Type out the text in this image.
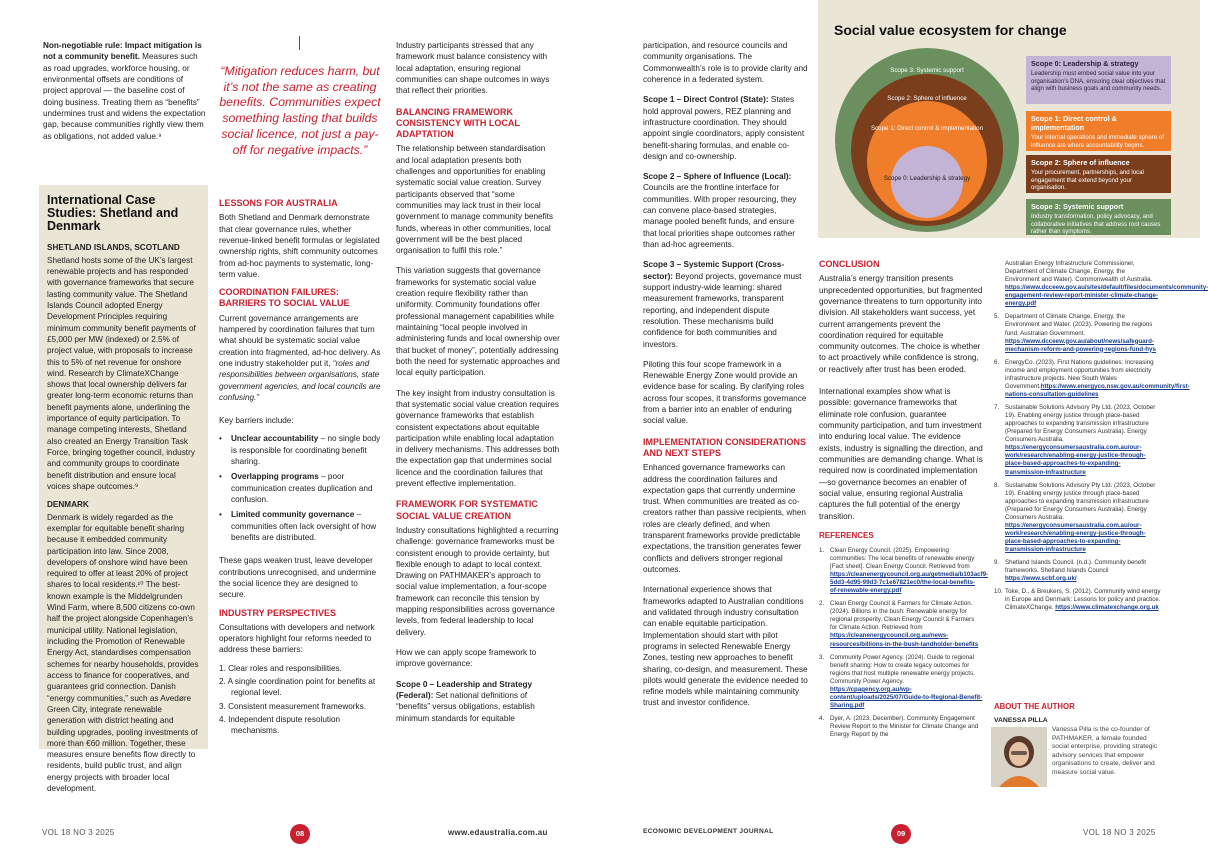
Non-negotiable rule: Impact mitigation is not a community benefit. Measures such as road upgrades, workforce housing, or environmental offsets are conditions of project approval — the baseline cost of doing business. Treating them as “benefits” undermines trust and widens the expectation gap, because communities rightly view them as obligations, not added value.⁹

International Case Studies: Shetland and Denmark
SHETLAND ISLANDS, SCOTLAND

Shetland hosts some of the UK’s largest renewable projects and has responded with governance frameworks that secure lasting community value. The Shetland Islands Council adopted Energy Development Principles requiring minimum community benefit payments of £5,000 per MW (indexed) or 2.5% of project value, with proposals to increase this to 5% of net revenue for onshore wind. Research by ClimateXChange shows that local ownership delivers far greater long-term economic returns than benefit payments alone, underlining the importance of equity participation. To manage competing interests, Shetland also created an Energy Transition Task Force, bringing together council, industry and community groups to coordinate benefit distribution and ensure local voices shape outcomes.⁹

DENMARK

Denmark is widely regarded as the exemplar for equitable benefit sharing because it embedded community participation into law. Since 2008, developers of onshore wind have been required to offer at least 20% of project shares to local residents.¹⁰ The best-known example is the Middelgrunden Wind Farm, where 8,500 citizens co-own half the project alongside Copenhagen’s municipal utility. National legislation, including the Promotion of Renewable Energy Act, standardises compensation schemes for nearby households, provides access to finance for cooperatives, and guarantees grid connection. Danish “energy communities,” such as Avedøre Green City, integrate renewable generation with district heating and building upgrades, pooling investments of more than €60 million. Together, these measures ensure benefits flow directly to residents, build public trust, and align energy projects with broader local development.

“Mitigation reduces harm, but it’s not the same as creating benefits. Communities expect something lasting that builds social licence, not just a pay-off for negative impacts.”
LESSONS FOR AUSTRALIA

Both Shetland and Denmark demonstrate that clear governance rules, whether revenue-linked benefit formulas or legislated ownership rights, shift community outcomes from ad-hoc payments to systematic, long-term value.

COORDINATION FAILURES: BARRIERS TO SOCIAL VALUE

Current governance arrangements are hampered by coordination failures that turn what should be systematic social value creation into fragmented, ad-hoc delivery. As one industry stakeholder put it, “roles and responsibilities between organisations, state government agencies, and local councils are confusing.”

Key barriers include:

• Unclear accountability – no single body is responsible for coordinating benefit sharing.
• Overlapping programs – poor communication creates duplication and confusion.
• Limited community governance – communities often lack oversight of how benefits are distributed.

These gaps weaken trust, leave developer contributions unrecognised, and undermine the social licence they are designed to secure.

INDUSTRY PERSPECTIVES

Consultations with developers and network operators highlight four reforms needed to address these barriers:

1. Clear roles and responsibilities.
2. A single coordination point for benefits at regional level.
3. Consistent measurement frameworks.
4. Independent dispute resolution mechanisms.

Industry participants stressed that any framework must balance consistency with local adaptation, ensuring regional communities can shape outcomes in ways that reflect their priorities.

BALANCING FRAMEWORK CONSISTENCY WITH LOCAL ADAPTATION

The relationship between standardisation and local adaptation presents both challenges and opportunities for enabling systematic social value creation. Survey participants observed that “some communities may lack trust in their local government to manage community benefits funds, whereas in other communities, local government will be the best placed organisation to fulfil this role.”

This variation suggests that governance frameworks for systematic social value creation require flexibility rather than uniformity. Community foundations offer professional management capabilities while maintaining “local people involved in administering funds and local ownership over that bucket of money”, potentially addressing both the need for systematic approaches and local equity participation.

The key insight from industry consultation is that systematic social value creation requires governance frameworks that establish consistent expectations about equitable participation while enabling local adaptation in delivery mechanisms. This addresses both the expectation gap that undermines social licence and the coordination failures that prevent effective implementation.

FRAMEWORK FOR SYSTEMATIC SOCIAL VALUE CREATION

Industry consultations highlighted a recurring challenge: governance frameworks must be consistent enough to provide certainty, but flexible enough to adapt to local context. Drawing on PATHMAKER’s approach to social value implementation, a four-scope framework can reconcile this tension by mapping responsibilities across governance levels, from federal leadership to local delivery.

How we can apply scope framework to improve governance:

Scope 0 – Leadership and Strategy (Federal): Set national definitions of “benefits” versus obligations, establish minimum standards for equitable

participation, and resource councils and community organisations. The Commonwealth’s role is to provide clarity and coherence in a federated system.

Scope 1 – Direct Control (State): States hold approval powers, REZ planning and infrastructure coordination. They should appoint single coordinators, apply consistent benefit-sharing formulas, and enable co-design and co-ownership.

Scope 2 – Sphere of Influence (Local): Councils are the frontline interface for communities. With proper resourcing, they can convene place-based strategies, manage pooled benefit funds, and ensure that local priorities shape outcomes rather than ad-hoc agreements.

Scope 3 – Systemic Support (Cross-sector): Beyond projects, governance must support industry-wide learning: shared measurement frameworks, transparent reporting, and independent dispute resolution. These mechanisms build confidence for both communities and investors.

Piloting this four scope framework in a Renewable Energy Zone would provide an evidence base for scaling. By clarifying roles across four scopes, it transforms governance from a barrier into an enabler of enduring social value.

IMPLEMENTATION CONSIDERATIONS AND NEXT STEPS

Enhanced governance frameworks can address the coordination failures and expectation gaps that currently undermine trust. When communities are treated as co-creators rather than passive recipients, when roles are clearly defined, and when transparent frameworks provide predictable expectations, the transition generates fewer conflicts and delivers stronger regional outcomes.

International experience shows that frameworks adapted to Australian conditions and validated through industry consultation can enable equitable participation. Implementation should start with pilot programs in selected Renewable Energy Zones, testing new approaches to benefit sharing, co-design, and measurement. These pilots would generate the evidence needed to refine models while maintaining community trust and investor confidence.

Social value ecosystem for change
Scope 3: Systemic support
Scope 2: Sphere of influence
Scope 1: Direct control & implementation
Scope 0: Leadership & strategy
Scope 0: Leadership & strategy
Leadership must embed social value into your organisation’s DNA, ensuring clear objectives that align with business goals and community needs.
Scope 1: Direct control & implementation
Your internal operations and immediate sphere of influence are where accountability begins.
Scope 2: Sphere of influence
Your procurement, partnerships, and local engagement that extend beyond your organisation.
Scope 3: Systemic support
Industry transformation, policy advocacy, and collaborative initiatives that address root causes rather than symptoms.
CONCLUSION

Australia’s energy transition presents unprecedented opportunities, but fragmented governance threatens to turn opportunity into division. All stakeholders want success, yet current arrangements prevent the coordination required for equitable community outcomes. The choice is whether to act proactively while confidence is strong, or reactively after trust has been eroded.

International examples show what is possible: governance frameworks that eliminate role confusion, guarantee community participation, and turn investment into enduring local value. The evidence exists, industry is signalling the direction, and communities are demanding change. What is required now is coordinated implementation—so governance becomes an enabler of social value, ensuring regional Australia captures the full potential of the energy transition.

REFERENCES
1. Clean Energy Council. (2025). Empowering communities: The local benefits of renewable energy [Fact sheet]. Clean Energy Council. Retrieved from https://cleanenergycouncil.org.au/getmedia/b103acf9-5dd3-4d95-99d3-7c1e67821ec0/the-local-benefits-of-renewable-energy.pdf
2. Clean Energy Council & Farmers for Climate Action. (2024). Billions in the bush: Renewable energy for regional prosperity. Clean Energy Council & Farmers for Climate Action. Retrieved from https://cleanenergycouncil.org.au/news-resources/billions-in-the-bush-landholder-benefits
3. Community Power Agency. (2024). Guide to regional benefit sharing: How to create legacy outcomes for regions that host multiple renewable energy projects. Community Power Agency. https://cpagency.org.au/wp-content/uploads/2025/07/Guide-to-Regional-Benefit-Sharing.pdf
4. Dyer, A. (2023, December). Community Engagement Review Report to the Minister for Climate Change and Energy Report by the
Australian Energy Infrastructure Commissioner, Department of Climate Change, Energy, the Environment and Water). Commonwealth of Australia. https://www.dcceew.gov.au/sites/default/files/documents/community-engagement-review-report-minister-climate-change-energy.pdf
5. Department of Climate Change, Energy, the Environment and Water. (2023). Powering the regions fund. Australian Government. https://www.dcceew.gov.au/about/news/safeguard-mechanism-reform-and-powering-regions-fund-hys
6. EnergyCo. (2023). First Nations guidelines: Increasing income and employment opportunities from electricity infrastructure projects. New South Wales Government.https://www.energyco.nsw.gov.au/community/first-nations-consultation-guidelines
7. Sustainable Solutions Advisory Pty Ltd. (2023, October 19). Enabling energy justice through place-based approaches to expanding transmission infrastructure (Prepared for Energy Consumers Australia). Energy Consumers Australia. https://energyconsumersaustralia.com.au/our-work/research/enabling-energy-justice-through-place-based-approaches-to-expanding-transmission-infrastructure
8. Sustainable Solutions Advisory Pty Ltd. (2023, October 19). Enabling energy justice through place-based approaches to expanding transmission infrastructure (Prepared for Energy Consumers Australia). Energy Consumers Australia. https://energyconsumersaustralia.com.au/our-work/research/enabling-energy-justice-through-place-based-approaches-to-expanding-transmission-infrastructure
9. Shetland Islands Council. (n.d.). Community benefit frameworks. Shetland Islands Council https://www.scbf.org.uk/
10. Toke, D., & Breukers, S. (2012). Community wind energy in Europe and Denmark: Lessons for policy and practice. ClimateXChange. https://www.climatexchange.org.uk
ABOUT THE AUTHOR
VANESSA PILLA
Vanessa Pilla is the co-founder of PATHMAKER, a female founded social enterprise, providing strategic advisory services that empower organisations to create, deliver and measure social value.
VOL 18 NO 3 2025	08	www.edaustralia.com.au	ECONOMIC DEVELOPMENT JOURNAL	09	VOL 18 NO 3 2025
